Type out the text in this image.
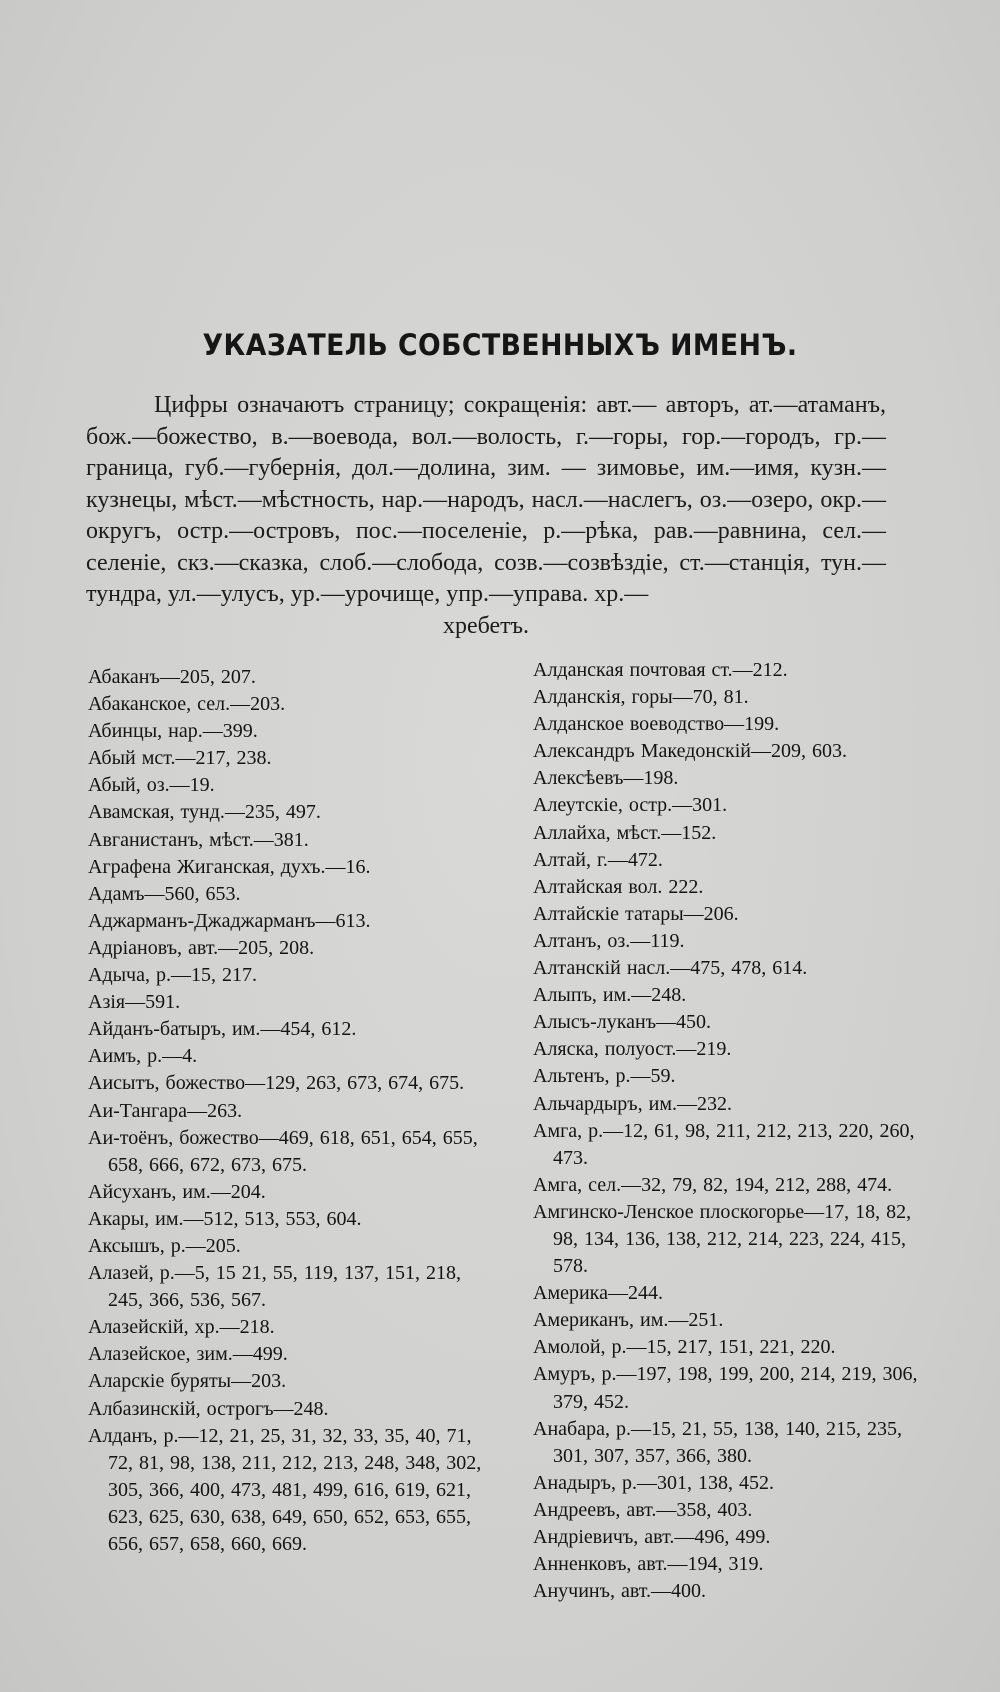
УКАЗАТЕЛЬ СОБСТВЕННЫХЪ ИМЕНЪ.
Цифры означаютъ страницу; сокращенія: авт.— авторъ, ат.—атаманъ, бож.—божество, в.—воевода, вол.—волость, г.—горы, гор.—городъ, гр.—граница, губ.—губернія, дол.—долина, зим. — зимовье, им.—имя, кузн.—кузнецы, мѣст.—мѣстность, нар.—народъ, насл.—наслегъ, оз.—озеро, окр.—округъ, остр.—островъ, пос.—поселеніе, р.—рѣка, рав.—равнина, сел.—селеніе, скз.—сказка, слоб.—слобода, созв.—созвѣздіе, ст.—станція, тун.—тундра, ул.—улусъ, ур.—урочище, упр.—управа. хр.—
хребетъ.
Абаканъ—205, 207.
Абаканское, сел.—203.
Абинцы, нар.—399.
Абый мст.—217, 238.
Абый, оз.—19.
Авамская, тунд.—235, 497.
Авганистанъ, мѣст.—381.
Аграфена Жиганская, духъ.—16.
Адамъ—560, 653.
Аджарманъ-Джаджарманъ—613.
Адріановъ, авт.—205, 208.
Адыча, р.—15, 217.
Азія—591.
Айданъ-батыръ, им.—454, 612.
Аимъ, р.—4.
Аисытъ, божество—129, 263, 673, 674, 675.
Аи-Тангара—263.
Аи-тоёнъ, божество—469, 618, 651, 654, 655, 658, 666, 672, 673, 675.
Айсуханъ, им.—204.
Акары, им.—512, 513, 553, 604.
Аксышъ, р.—205.
Алазей, р.—5, 15 21, 55, 119, 137, 151, 218, 245, 366, 536, 567.
Алазейскій, хр.—218.
Алазейское, зим.—499.
Аларскіе буряты—203.
Албазинскій, острогъ—248.
Алданъ, р.—12, 21, 25, 31, 32, 33, 35, 40, 71, 72, 81, 98, 138, 211, 212, 213, 248, 348, 302, 305, 366, 400, 473, 481, 499, 616, 619, 621, 623, 625, 630, 638, 649, 650, 652, 653, 655, 656, 657, 658, 660, 669.
Алданская почтовая ст.—212.
Алданскія, горы—70, 81.
Алданское воеводство—199.
Александръ Македонскій—209, 603.
Алексѣевъ—198.
Алеутскіе, остр.—301.
Аллайха, мѣст.—152.
Алтай, г.—472.
Алтайская вол. 222.
Алтайскіе татары—206.
Алтанъ, оз.—119.
Алтанскій насл.—475, 478, 614.
Алыпъ, им.—248.
Алысъ-луканъ—450.
Аляска, полуост.—219.
Альтенъ, р.—59.
Альчардыръ, им.—232.
Амга, р.—12, 61, 98, 211, 212, 213, 220, 260, 473.
Амга, сел.—32, 79, 82, 194, 212, 288, 474.
Амгинско-Ленское плоскогорье—17, 18, 82, 98, 134, 136, 138, 212, 214, 223, 224, 415, 578.
Америка—244.
Американъ, им.—251.
Амолой, р.—15, 217, 151, 221, 220.
Амуръ, р.—197, 198, 199, 200, 214, 219, 306, 379, 452.
Анабара, р.—15, 21, 55, 138, 140, 215, 235, 301, 307, 357, 366, 380.
Анадыръ, р.—301, 138, 452.
Андреевъ, авт.—358, 403.
Андріевичъ, авт.—496, 499.
Анненковъ, авт.—194, 319.
Анучинъ, авт.—400.
